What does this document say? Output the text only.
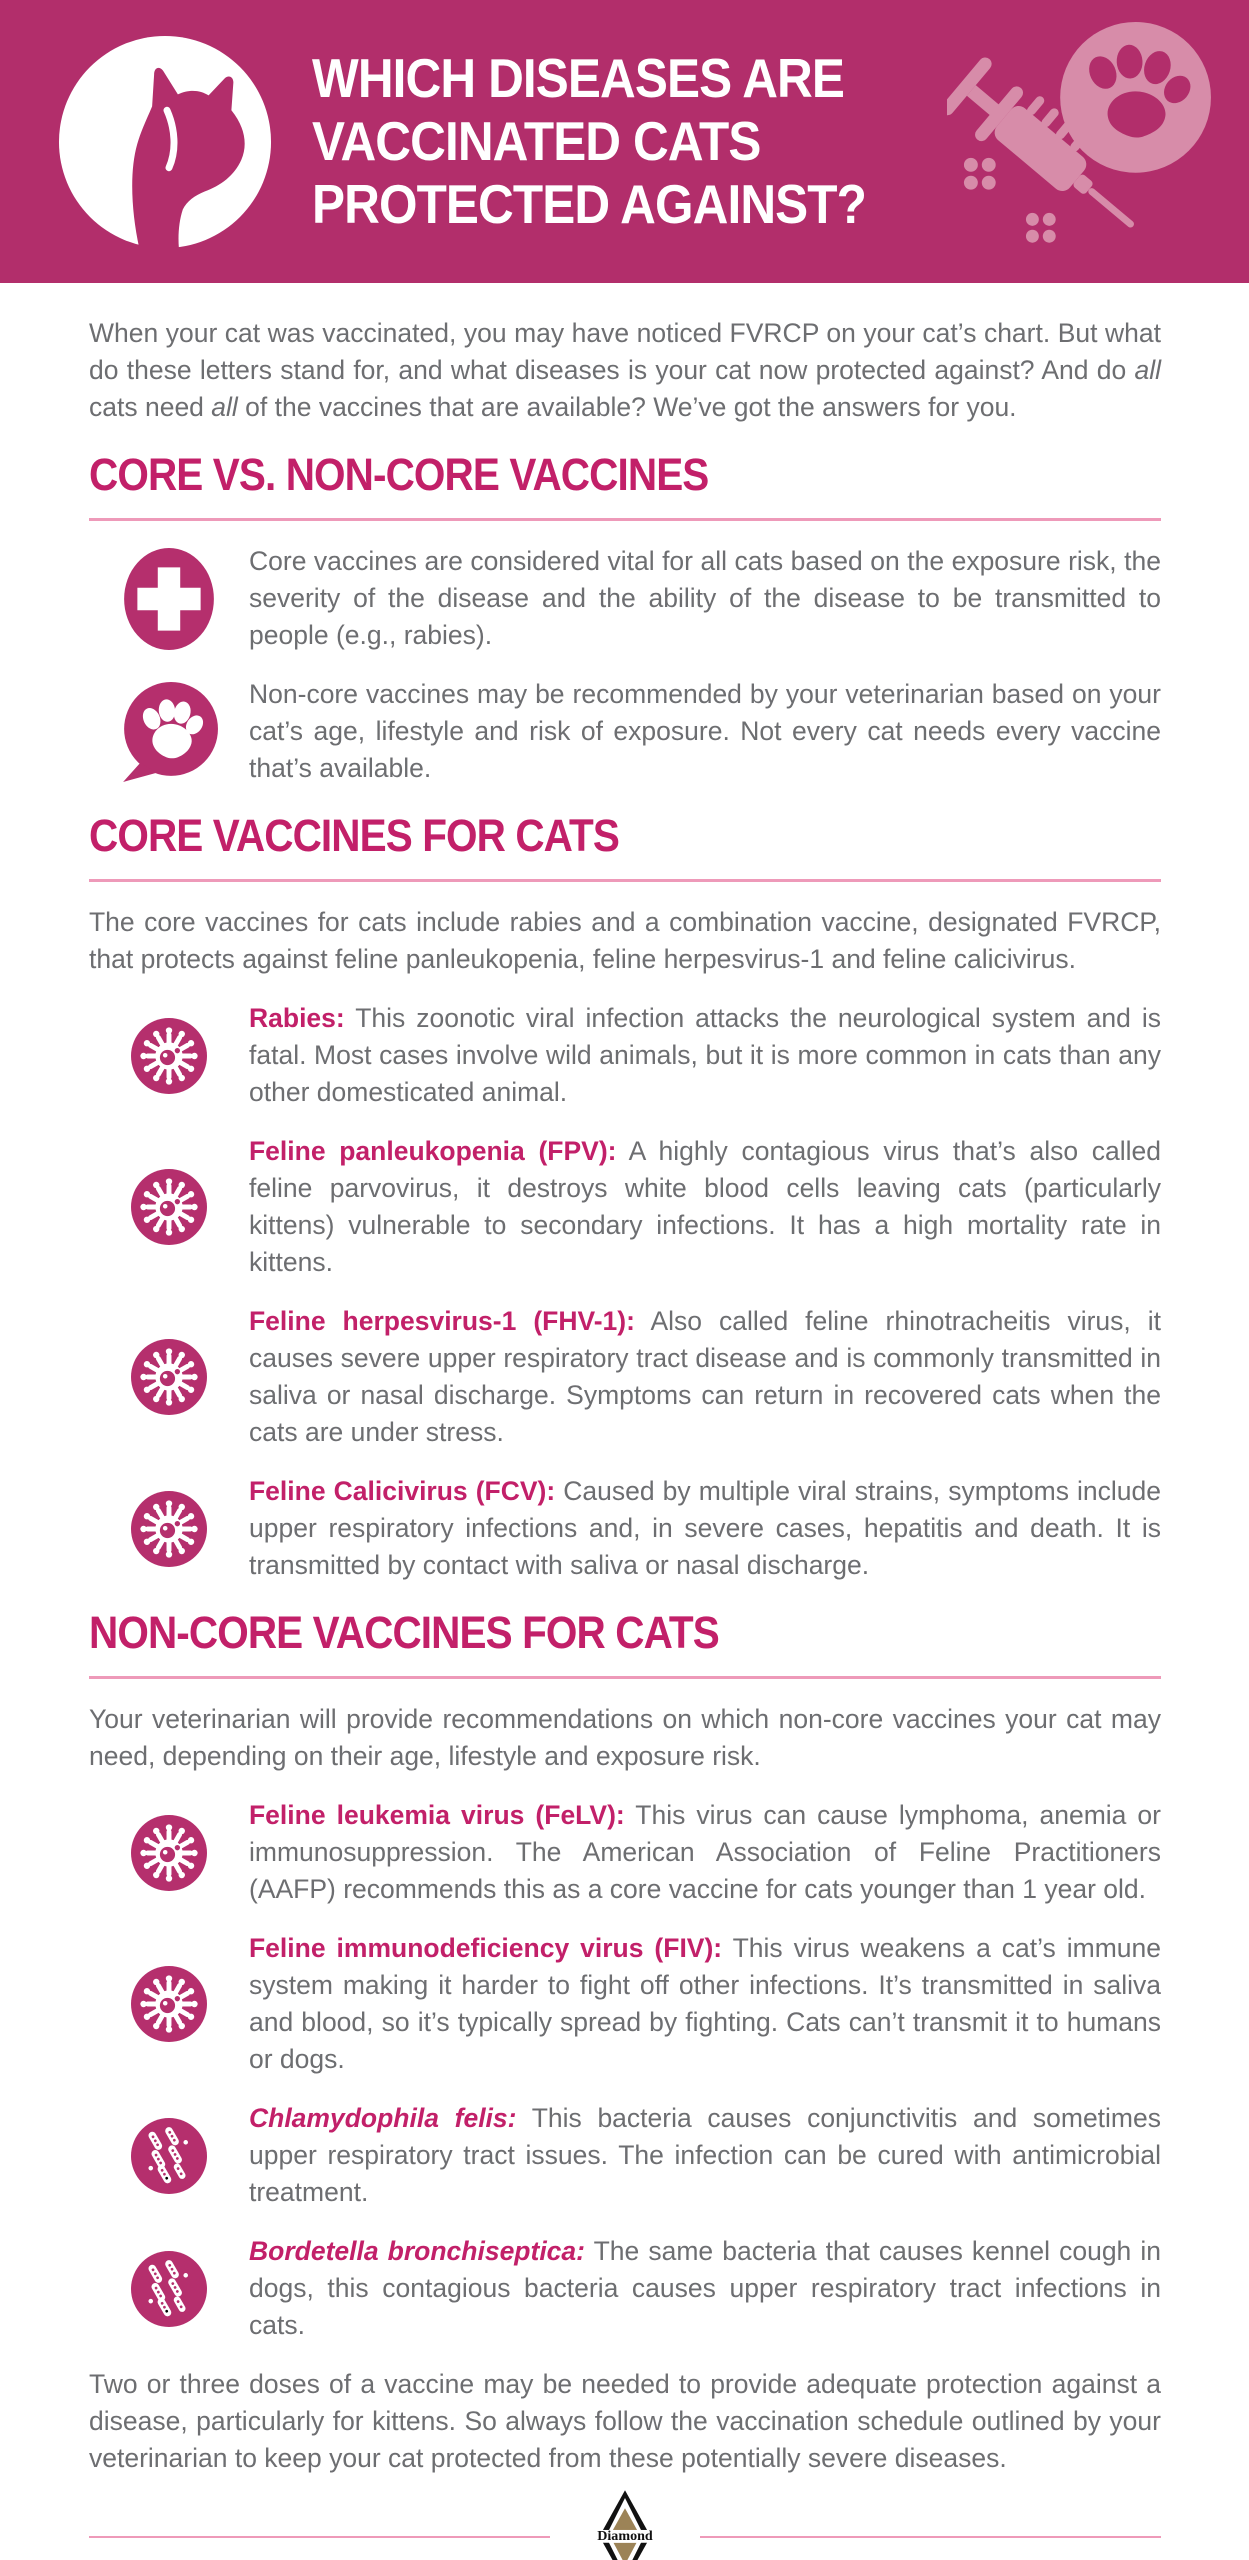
WHICH DISEASES ARE
VACCINATED CATS
PROTECTED AGAINST?

When your cat was vaccinated, you may have noticed FVRCP on your cat’s chart. But what do these letters stand for, and what diseases is your cat now protected against? And do all cats need all of the vaccines that are available? We’ve got the answers for you.

CORE VS. NON-CORE VACCINES

Core vaccines are considered vital for all cats based on the exposure risk, the severity of the disease and the ability of the disease to be transmitted to people (e.g., rabies).

Non-core vaccines may be recommended by your veterinarian based on your cat’s age, lifestyle and risk of exposure. Not every cat needs every vaccine that’s available.

CORE VACCINES FOR CATS

The core vaccines for cats include rabies and a combination vaccine, designated FVRCP, that protects against feline panleukopenia, feline herpesvirus-1 and feline calicivirus.

Rabies: This zoonotic viral infection attacks the neurological system and is fatal. Most cases involve wild animals, but it is more common in cats than any other domesticated animal.

Feline panleukopenia (FPV): A highly contagious virus that’s also called feline parvovirus, it destroys white blood cells leaving cats (particularly kittens) vulnerable to secondary infections. It has a high mortality rate in kittens.

Feline herpesvirus-1 (FHV-1): Also called feline rhinotracheitis virus, it causes severe upper respiratory tract disease and is commonly transmitted in saliva or nasal discharge. Symptoms can return in recovered cats when the cats are under stress.

Feline Calicivirus (FCV): Caused by multiple viral strains, symptoms include upper respiratory infections and, in severe cases, hepatitis and death. It is transmitted by contact with saliva or nasal discharge.

NON-CORE VACCINES FOR CATS

Your veterinarian will provide recommendations on which non-core vaccines your cat may need, depending on their age, lifestyle and exposure risk.

Feline leukemia virus (FeLV): This virus can cause lymphoma, anemia or immunosuppression. The American Association of Feline Practitioners (AAFP) recommends this as a core vaccine for cats younger than 1 year old.

Feline immunodeficiency virus (FIV): This virus weakens a cat’s immune system making it harder to fight off other infections. It’s transmitted in saliva and blood, so it’s typically spread by fighting. Cats can’t transmit it to humans or dogs.

Chlamydophila felis: This bacteria causes conjunctivitis and sometimes upper respiratory tract issues. The infection can be cured with antimicrobial treatment.

Bordetella bronchiseptica: The same bacteria that causes kennel cough in dogs, this contagious bacteria causes upper respiratory tract infections in cats.

Two or three doses of a vaccine may be needed to provide adequate protection against a disease, particularly for kittens. So always follow the vaccination schedule outlined by your veterinarian to keep your cat protected from these potentially severe diseases.

Diamond
